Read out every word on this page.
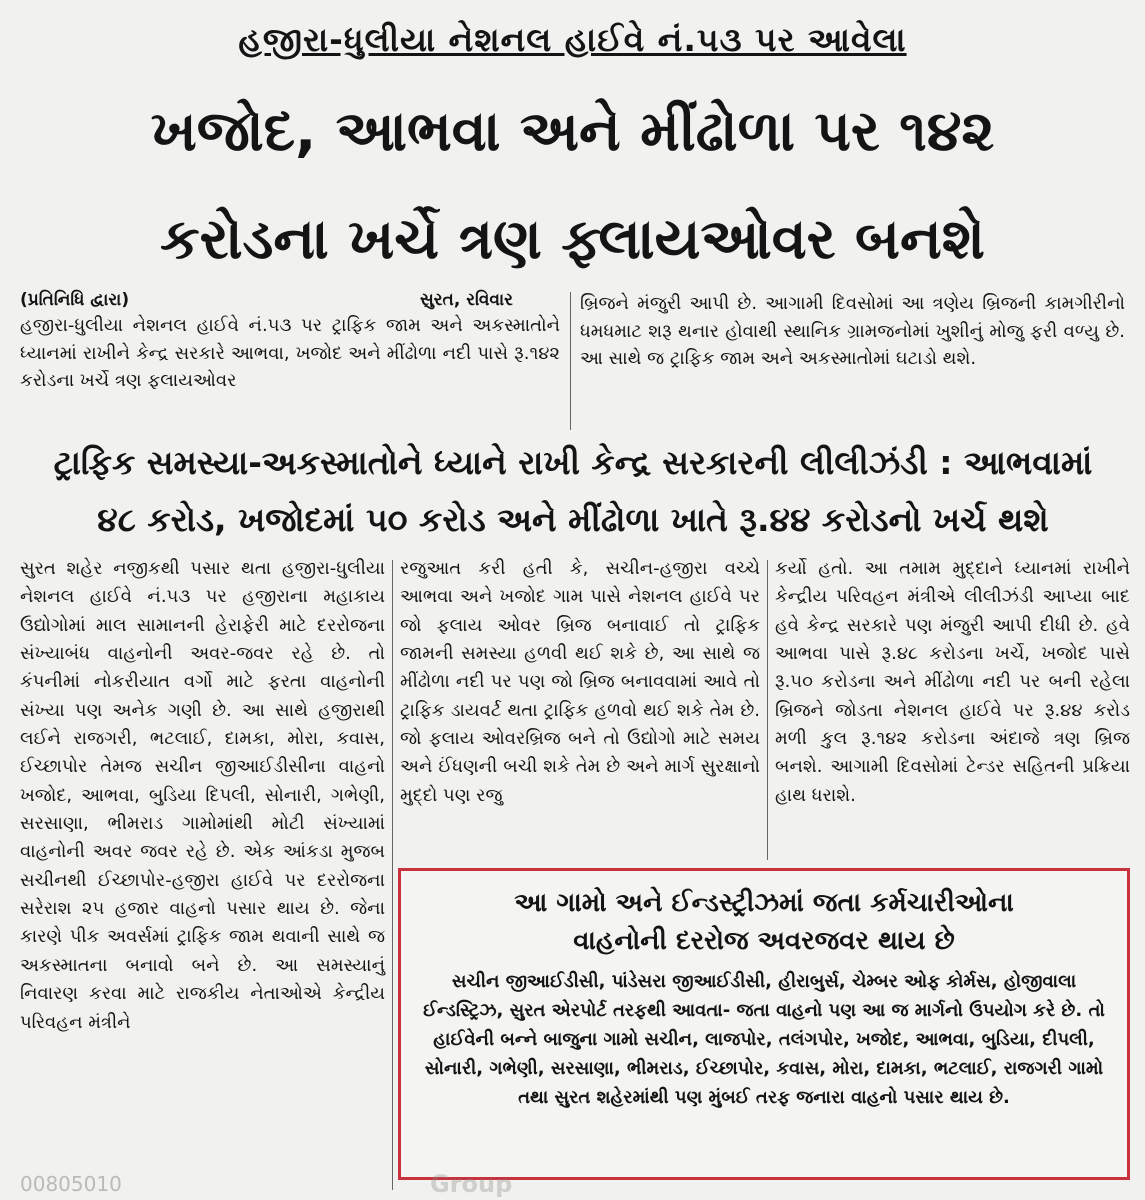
હજીરા-ધુલીયા નેશનલ હાઈવે નં.૫૩ પર આવેલા
ખજોદ, આભવા અને મીંઢોળા પર ૧૪૨
કરોડના ખર્ચે ત્રણ ફ્લાયઓવર બનશે
(પ્રતિનિધિ દ્વારા)	સુરત, રવિવાર

હજીરા-ધુલીયા નેશનલ હાઈવે નં.૫૩ પર ટ્રાફિક જામ અને અકસ્માતોને ધ્યાનમાં રાખીને કેન્દ્ર સરકારે આભવા, ખજોદ અને મીંઢોળા નદી પાસે રૂ.૧૪૨ કરોડના ખર્ચે ત્રણ ફલાયઓવર

બ્રિજને મંજુરી આપી છે. આગામી દિવસોમાં આ ત્રણેય બ્રિજની કામગીરીનો ધમધમાટ શરૂ થનાર હોવાથી સ્થાનિક ગ્રામજનોમાં ખુશીનું મોજુ ફરી વળ્યુ છે. આ સાથે જ ટ્રાફિક જામ અને અકસ્માતોમાં ઘટાડો થશે.

ટ્રાફિક સમસ્યા-અકસ્માતોને ધ્યાને રાખી કેન્દ્ર સરકારની લીલીઝંડી : આભવામાં
૪૮ કરોડ, ખજોદમાં ૫૦ કરોડ અને મીંઢોળા ખાતે રૂ.૪૪ કરોડનો ખર્ચ થશે

સુરત શહેર નજીકથી પસાર થતા હજીરા-ધુલીયા નેશનલ હાઈવે નં.૫૩ પર હજીરાના મહાકાય ઉદ્યોગોમાં માલ સામાનની હેરાફેરી માટે દરરોજના સંખ્યાબંધ વાહનોની અવર-જવર રહે છે. તો કંપનીમાં નોકરીયાત વર્ગો માટે ફરતા વાહનોની સંખ્યા પણ અનેક ગણી છે. આ સાથે હજીરાથી લઈને રાજગરી, ભટલાઈ, દામકા, મોરા, કવાસ, ઈચ્છાપોર તેમજ સચીન જીઆઈડીસીના વાહનો ખજોદ, આભવા, બુડિયા દિપલી, સોનારી, ગભેણી, સરસાણા, ભીમરાડ ગામોમાંથી મોટી સંખ્યામાં વાહનોની અવર જવર રહે છે. એક આંકડા મુજબ સચીનથી ઈચ્છાપોર-હજીરા હાઈવે પર દરરોજના સરેરાશ ૨૫ હજાર વાહનો પસાર થાય છે. જેના કારણે પીક અવર્સમાં ટ્રાફિક જામ થવાની સાથે જ અકસ્માતના બનાવો બને છે. આ સમસ્યાનું નિવારણ કરવા માટે રાજકીય નેતાઓએ કેન્દ્રીય પરિવહન મંત્રીને

રજુઆત કરી હતી કે, સચીન-હજીરા વચ્ચે આભવા અને ખજોદ ગામ પાસે નેશનલ હાઈવે પર જો ફલાય ઓવર બ્રિજ બનાવાઈ તો ટ્રાફિક જામની સમસ્યા હળવી થઈ શકે છે, આ સાથે જ મીંઢોળા નદી પર પણ જો બ્રિજ બનાવવામાં આવે તો ટ્રાફિક ડાયવર્ટ થતા ટ્રાફિક હળવો થઈ શકે તેમ છે. જો ફલાય ઓવરબ્રિજ બને તો ઉદ્યોગો માટે સમય અને ઈંધણની બચી શકે તેમ છે અને માર્ગ સુરક્ષાનો મુદ્દો પણ રજુ

કર્યો હતો. આ તમામ મુદ્દાને ધ્યાનમાં રાખીને કેન્દ્રીય પરિવહન મંત્રીએ લીલીઝંડી આપ્યા બાદ હવે કેન્દ્ર સરકારે પણ મંજુરી આપી દીધી છે. હવે આભવા પાસે રૂ.૪૮ કરોડના ખર્ચે, ખજોદ પાસે રૂ.૫૦ કરોડના અને મીંઢોળા નદી પર બની રહેલા બ્રિજને જોડતા નેશનલ હાઈવે પર રૂ.૪૪ કરોડ મળી કુલ રૂ.૧૪૨ કરોડના અંદાજે ત્રણ બ્રિજ બનશે. આગામી દિવસોમાં ટેન્ડર સહિતની પ્રક્રિયા હાથ ધરાશે.

આ ગામો અને ઈન્ડસ્ટ્રીઝમાં જતા કર્મચારીઓના
વાહનોની દરરોજ અવરજવર થાય છે

સચીન જીઆઈડીસી, પાંડેસરા જીઆઈડીસી, હીરાબુર્સ, ચેમ્બર ઓફ કોર્મસ, હોજીવાલા ઈન્ડસ્ટ્રિઝ, સુરત એરપોર્ટ તરફથી આવતા- જતા વાહનો પણ આ જ માર્ગનો ઉપયોગ કરે છે. તો હાઈવેની બન્ને બાજુના ગામો સચીન, લાજપોર, તલંગપોર, ખજોદ, આભવા, બુડિયા, દીપલી, સોનારી, ગભેણી, સરસાણા, ભીમરાડ, ઈચ્છાપોર, કવાસ, મોરા, દામકા, ભટલાઈ, રાજગરી ગામો તથા સુરત શહેરમાંથી પણ મુંબઈ તરફ જનારા વાહનો પસાર થાય છે.

00805010	Group
